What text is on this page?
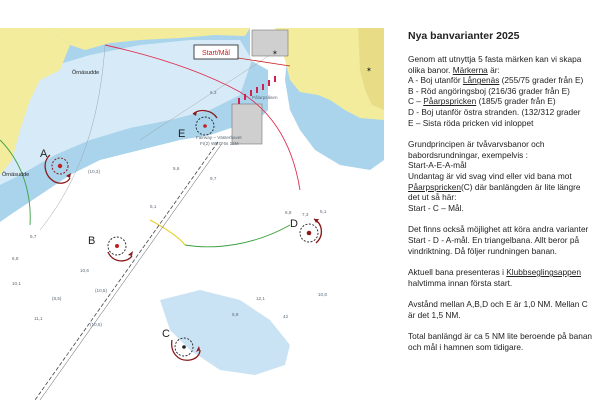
6,3
5,6
(10,3)
6,8 7,3
5,1
5,1
5,7
6,8
10,6
(8,5)
(10,5)
11,1
(10,5)
12,1
10,8
42
5,9
10,1
9,7
Örnäsudde
Örnäsudde
Pålarpsåsen
Fairway – Västerhavet
FI(2) WRG 6s 12M
✶
✶
Start/Mål
A
E
B
D
C
Nya banvarianter 2025

Genom att utnyttja 5 fasta märken kan vi skapa

olika banor. Märkerna är:

A - Boj utanför Långenäs (255/75 grader från E)

B - Röd angöringsboj (216/36 grader från E)

C – Påarpspricken (185/5 grader från E)

D - Boj utanför östra stranden. (132/312 grader

E – Sista röda pricken vid inloppet

Grundprincipen är tvåvarvsbanor och

babordsrundningar, exempelvis :

Start-A-E-A-mål

Undantag är vid svag vind eller vid bana mot

Påarpspricken(C) där banlängden är lite längre

det ut så här:

Start - C – Mål.

Det finns också möjlighet att köra andra varianter

Start - D - A-mål. En triangelbana. Allt beror på

vindriktning. Då följer rundningen banan.

Aktuell bana presenteras i Klubbseglingsappen

halvtimma innan första start.

Avstånd mellan A,B,D och E är 1,0 NM. Mellan C

är det 1,5 NM.

Total banlängd är ca 5 NM lite beroende på banan

och mål i hamnen som tidigare.
